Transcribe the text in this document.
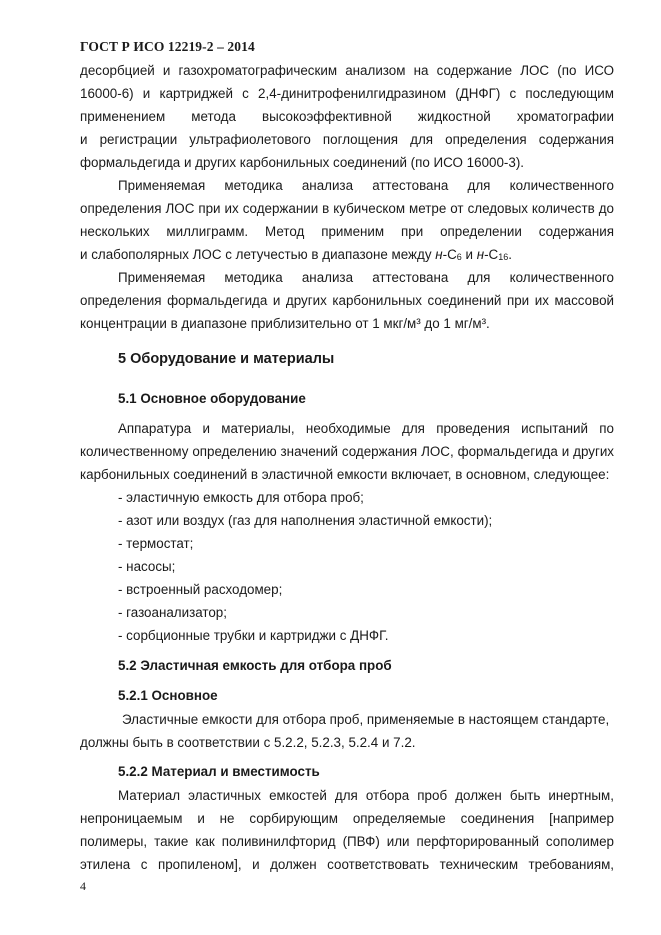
ГОСТ Р ИСО 12219-2 – 2014
десорбцией и газохроматографическим анализом на содержание ЛОС (по ИСО
16000-6) и картриджей с 2,4-динитрофенилгидразином (ДНФГ) с последующим
применением метода высокоэффективной жидкостной хроматографии
и регистрации ультрафиолетового поглощения для определения содержания
формальдегида и других карбонильных соединений (по ИСО 16000-3).
Применяемая методика анализа аттестована для количественного
определения ЛОС при их содержании в кубическом метре от следовых количеств до
нескольких миллиграмм. Метод применим при определении содержания
и слабополярных ЛОС с летучестью в диапазоне между н-С6 и н-С16.
Применяемая методика анализа аттестована для количественного
определения формальдегида и других карбонильных соединений при их массовой
концентрации в диапазоне приблизительно от 1 мкг/м³ до 1 мг/м³.
5 Оборудование и материалы
5.1 Основное оборудование
Аппаратура и материалы, необходимые для проведения испытаний по
количественному определению значений содержания ЛОС, формальдегида и других
карбонильных соединений в эластичной емкости включает, в основном, следующее:
- эластичную емкость для отбора проб;
- азот или воздух (газ для наполнения эластичной емкости);
- термостат;
- насосы;
- встроенный расходомер;
- газоанализатор;
- сорбционные трубки и картриджи с ДНФГ.
5.2 Эластичная емкость для отбора проб
5.2.1 Основное
Эластичные емкости для отбора проб, применяемые в настоящем стандарте,
должны быть в соответствии с 5.2.2, 5.2.3, 5.2.4 и 7.2.
5.2.2 Материал и вместимость
Материал эластичных емкостей для отбора проб должен быть инертным,
непроницаемым и не сорбирующим определяемые соединения [например
полимеры, такие как поливинилфторид (ПВФ) или перфторированный сополимер
этилена с пропиленом], и должен соответствовать техническим требованиям,
4
